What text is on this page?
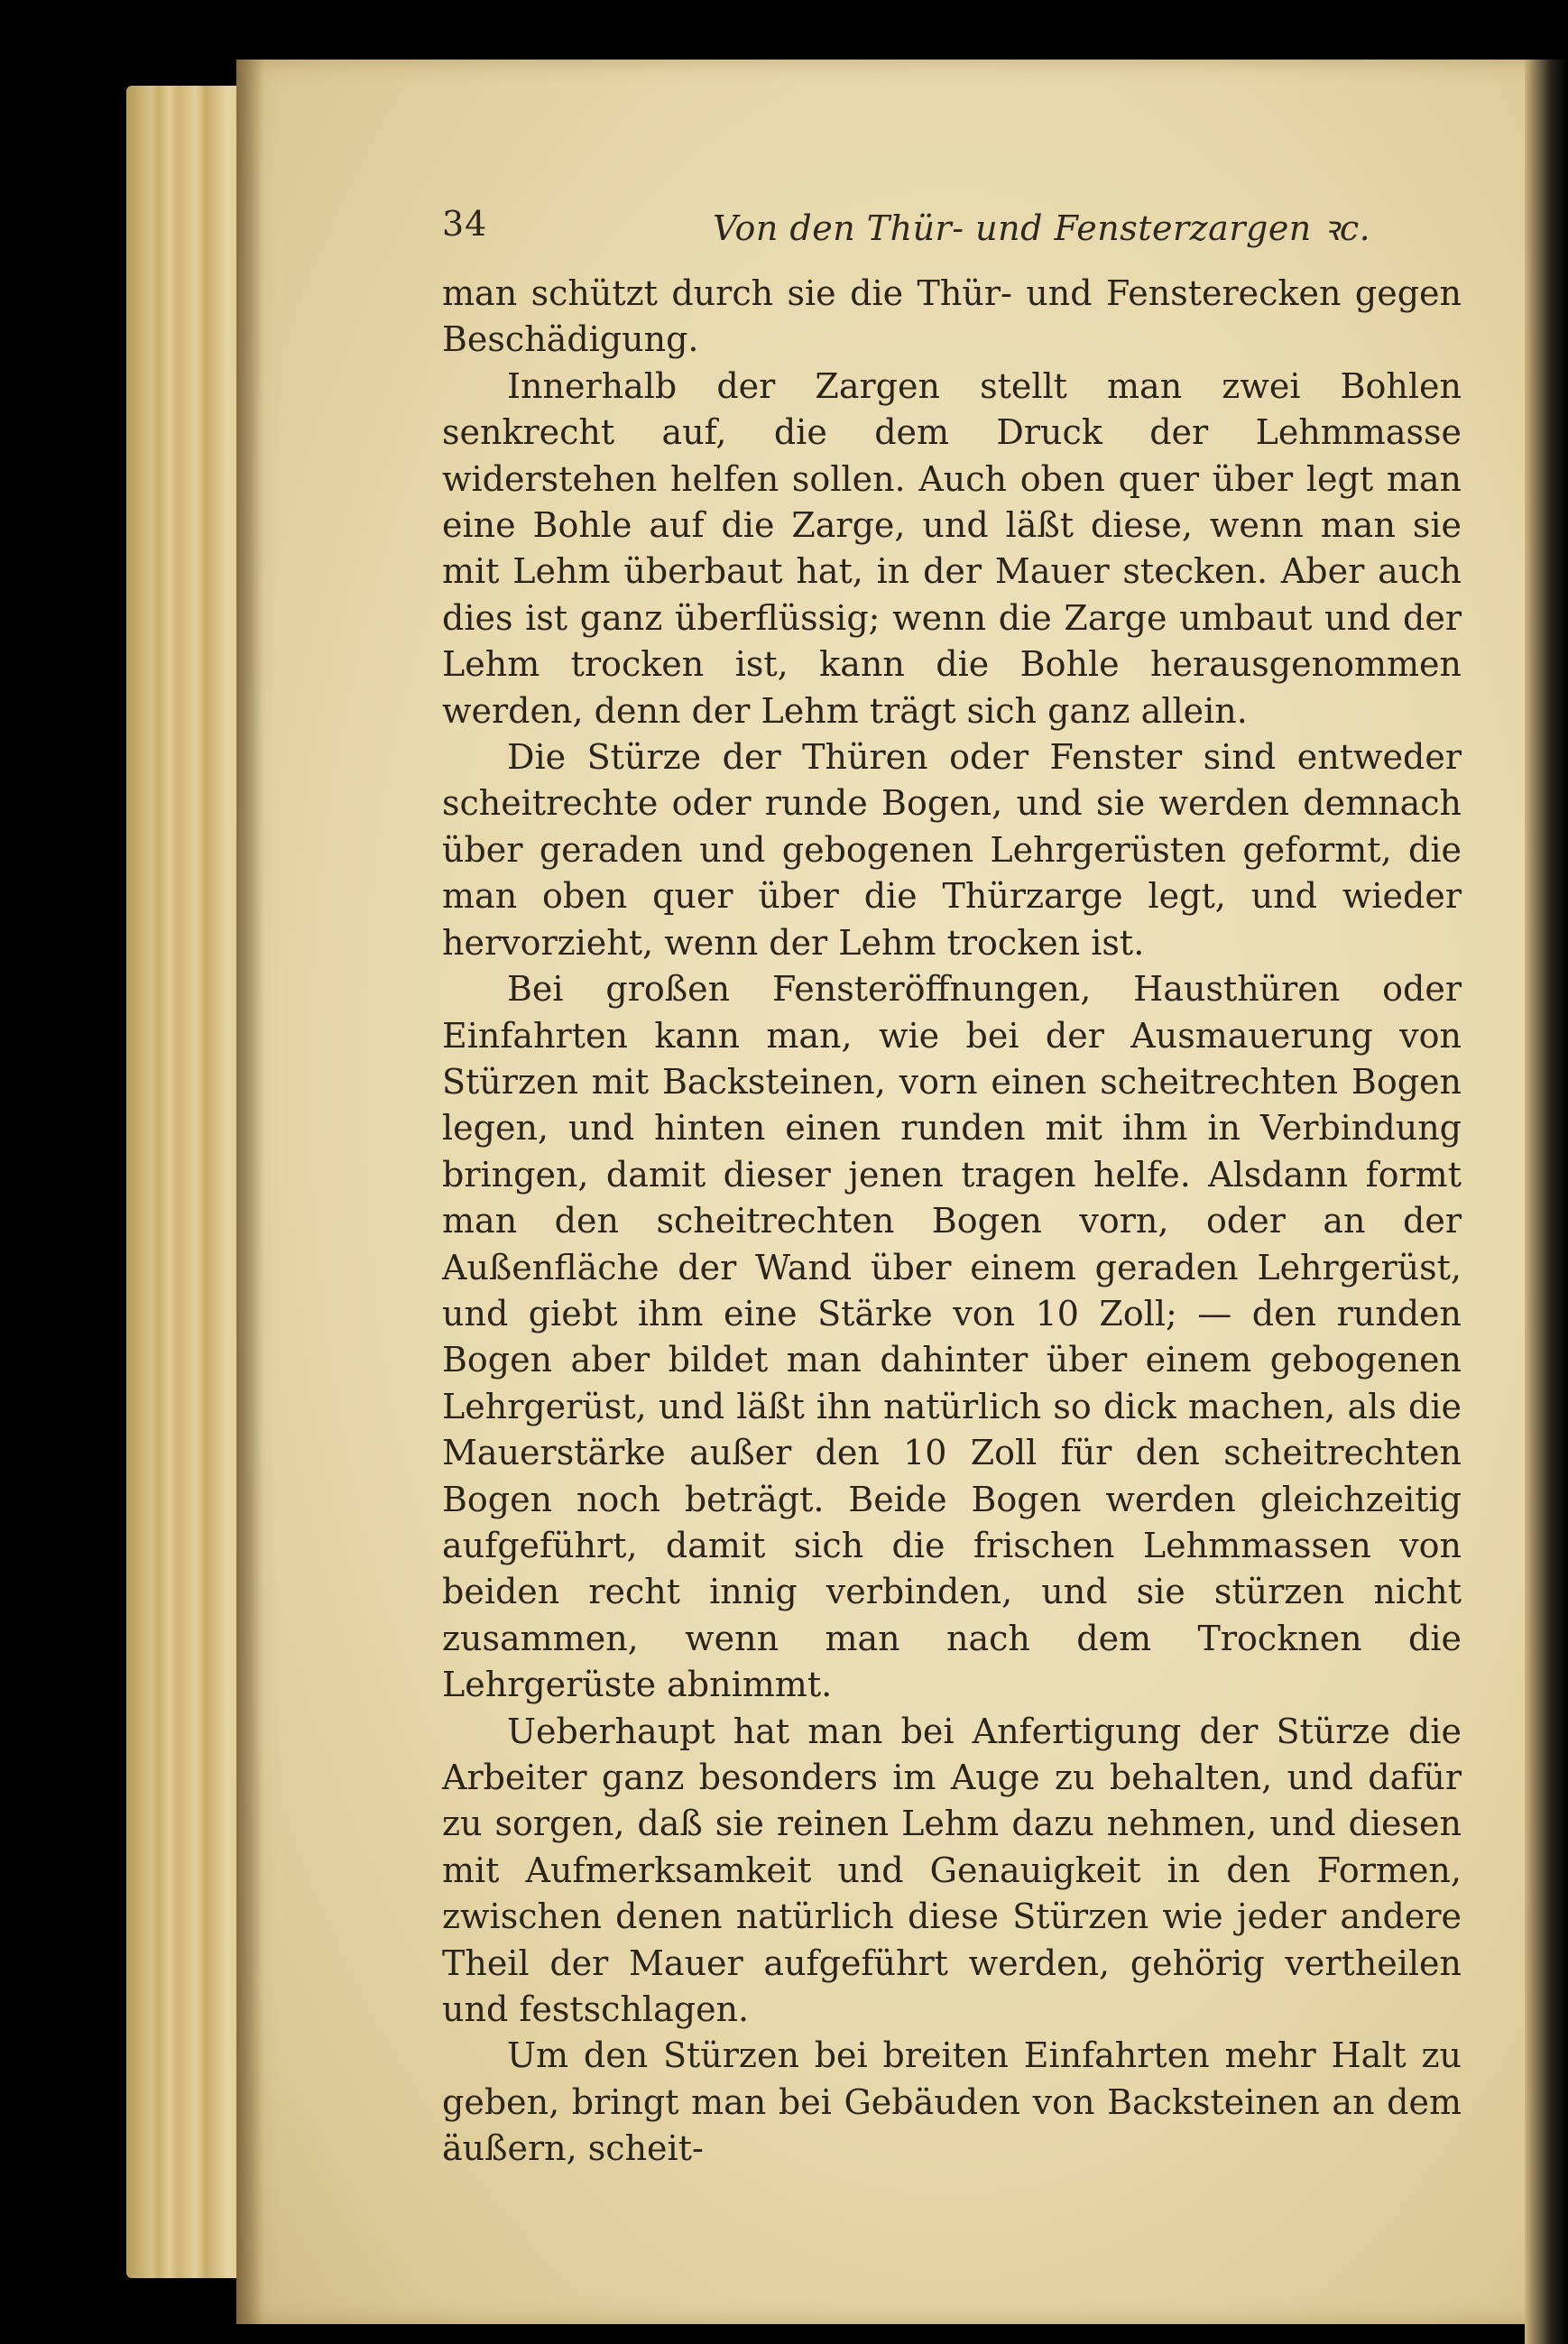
34	Von den Thür- und Fensterzargen ꝛc.

man schützt durch sie die Thür- und Fensterecken gegen Beschädigung.

Innerhalb der Zargen stellt man zwei Bohlen senkrecht auf, die dem Druck der Lehmmasse widerstehen helfen sollen. Auch oben quer über legt man eine Bohle auf die Zarge, und läßt diese, wenn man sie mit Lehm überbaut hat, in der Mauer stecken. Aber auch dies ist ganz überflüssig; wenn die Zarge umbaut und der Lehm trocken ist, kann die Bohle herausgenommen werden, denn der Lehm trägt sich ganz allein.

Die Stürze der Thüren oder Fenster sind entweder scheitrechte oder runde Bogen, und sie werden demnach über geraden und gebogenen Lehrgerüsten geformt, die man oben quer über die Thürzarge legt, und wieder hervorzieht, wenn der Lehm trocken ist.

Bei großen Fensteröffnungen, Hausthüren oder Einfahrten kann man, wie bei der Ausmauerung von Stürzen mit Backsteinen, vorn einen scheitrechten Bogen legen, und hinten einen runden mit ihm in Verbindung bringen, damit dieser jenen tragen helfe. Alsdann formt man den scheitrechten Bogen vorn, oder an der Außenfläche der Wand über einem geraden Lehrgerüst, und giebt ihm eine Stärke von 10 Zoll; — den runden Bogen aber bildet man dahinter über einem gebogenen Lehrgerüst, und läßt ihn natürlich so dick machen, als die Mauerstärke außer den 10 Zoll für den scheitrechten Bogen noch beträgt. Beide Bogen werden gleichzeitig aufgeführt, damit sich die frischen Lehmmassen von beiden recht innig verbinden, und sie stürzen nicht zusammen, wenn man nach dem Trocknen die Lehrgerüste abnimmt.

Ueberhaupt hat man bei Anfertigung der Stürze die Arbeiter ganz besonders im Auge zu behalten, und dafür zu sorgen, daß sie reinen Lehm dazu nehmen, und diesen mit Aufmerksamkeit und Genauigkeit in den Formen, zwischen denen natürlich diese Stürzen wie jeder andere Theil der Mauer aufgeführt werden, gehörig vertheilen und festschlagen.

Um den Stürzen bei breiten Einfahrten mehr Halt zu geben, bringt man bei Gebäuden von Backsteinen an dem äußern, scheit-
